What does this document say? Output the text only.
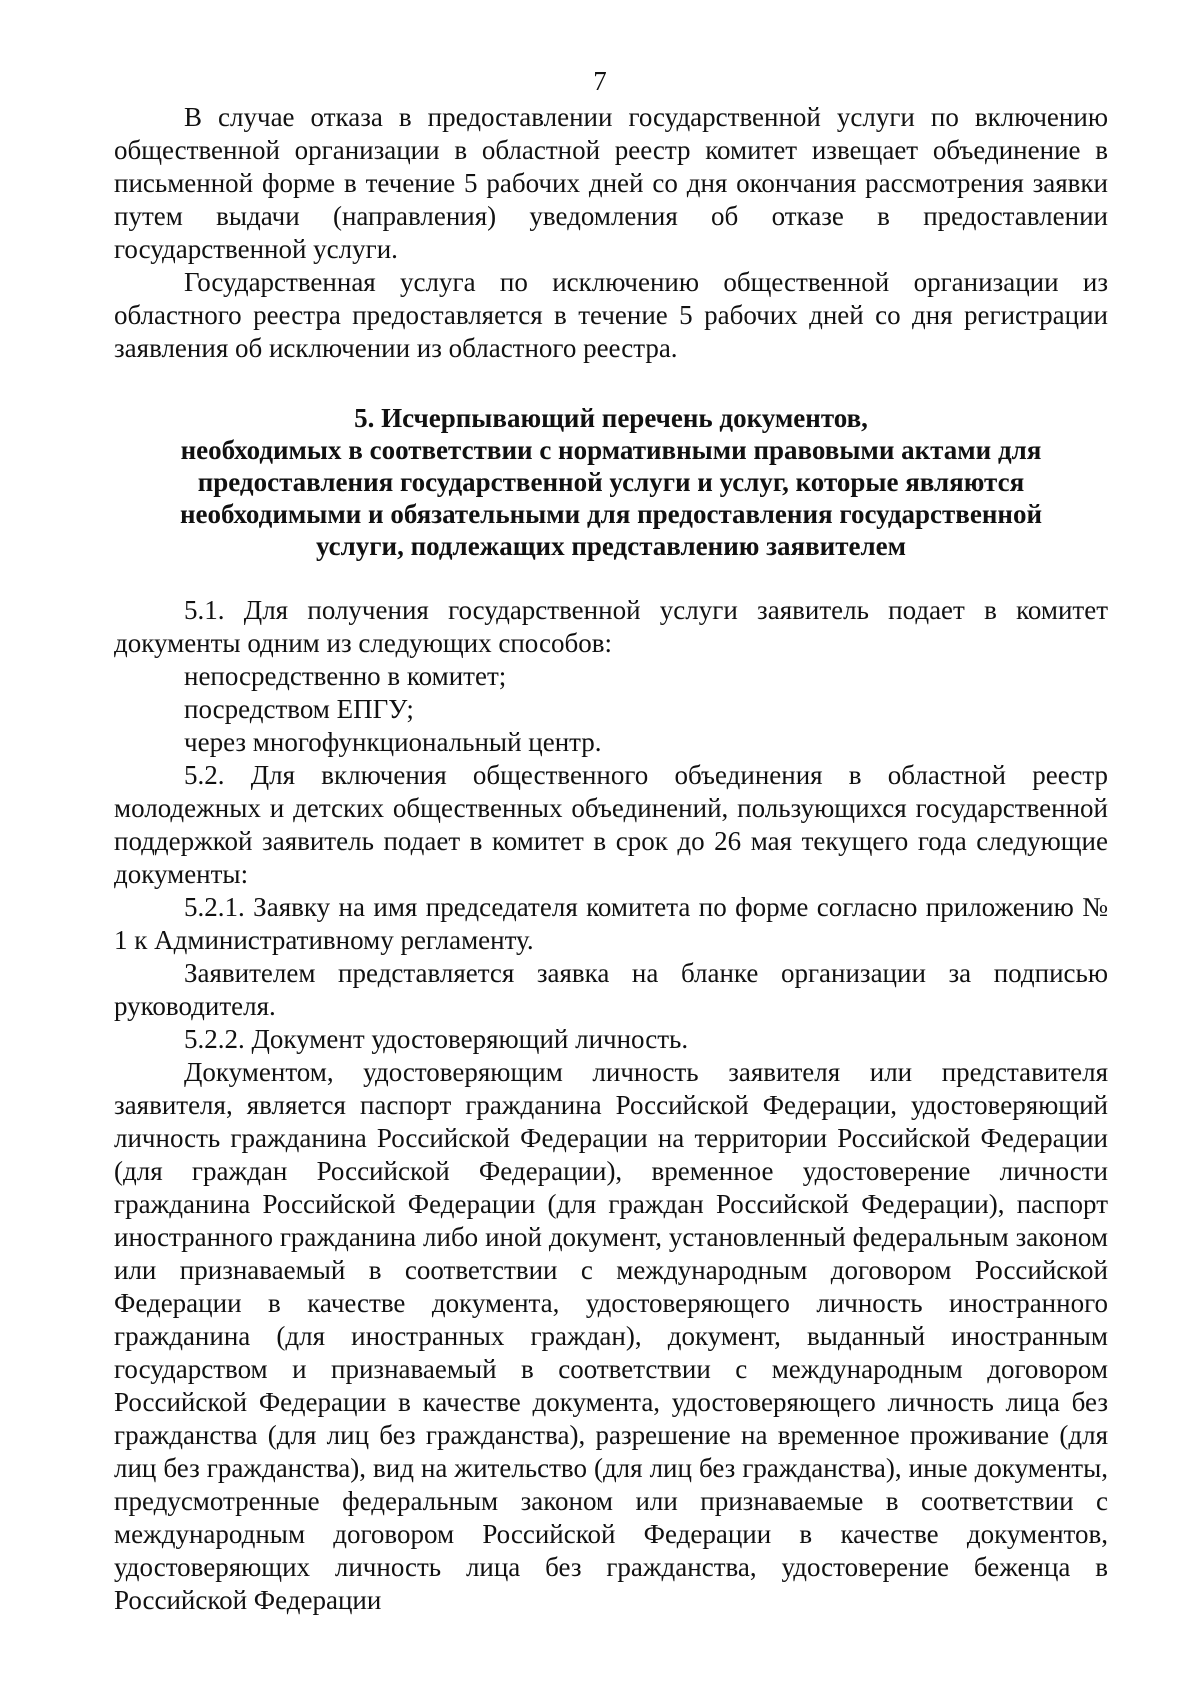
7

В случае отказа в предоставлении государственной услуги по включению общественной организации в областной реестр комитет извещает объединение в письменной форме в течение 5 рабочих дней со дня окончания рассмотрения заявки путем выдачи (направления) уведомления об отказе в предоставлении государственной услуги.

Государственная услуга по исключению общественной организации из областного реестра предоставляется в течение 5 рабочих дней со дня регистрации заявления об исключении из областного реестра.

5. Исчерпывающий перечень документов,
необходимых в соответствии с нормативными правовыми актами для
предоставления государственной услуги и услуг, которые являются
необходимыми и обязательными для предоставления государственной
услуги, подлежащих представлению заявителем

5.1. Для получения государственной услуги заявитель подает в комитет документы одним из следующих способов:

непосредственно в комитет;

посредством ЕПГУ;

через многофункциональный центр.

5.2. Для включения общественного объединения в областной реестр молодежных и детских общественных объединений, пользующихся государственной поддержкой заявитель подает в комитет в срок до 26 мая текущего года следующие документы:

5.2.1. Заявку на имя председателя комитета по форме согласно приложению № 1 к Административному регламенту.

Заявителем представляется заявка на бланке организации за подписью руководителя.

5.2.2. Документ удостоверяющий личность.

Документом, удостоверяющим личность заявителя или представителя заявителя, является паспорт гражданина Российской Федерации, удостоверяющий личность гражданина Российской Федерации на территории Российской Федерации (для граждан Российской Федерации), временное удостоверение личности гражданина Российской Федерации (для граждан Российской Федерации), паспорт иностранного гражданина либо иной документ, установленный федеральным законом или признаваемый в соответствии с международным договором Российской Федерации в качестве документа, удостоверяющего личность иностранного гражданина (для иностранных граждан), документ, выданный иностранным государством и признаваемый в соответствии с международным договором Российской Федерации в качестве документа, удостоверяющего личность лица без гражданства (для лиц без гражданства), разрешение на временное проживание (для лиц без гражданства), вид на жительство (для лиц без гражданства), иные документы, предусмотренные федеральным законом или признаваемые в соответствии с международным договором Российской Федерации в качестве документов, удостоверяющих личность лица без гражданства, удостоверение беженца в Российской Федерации
